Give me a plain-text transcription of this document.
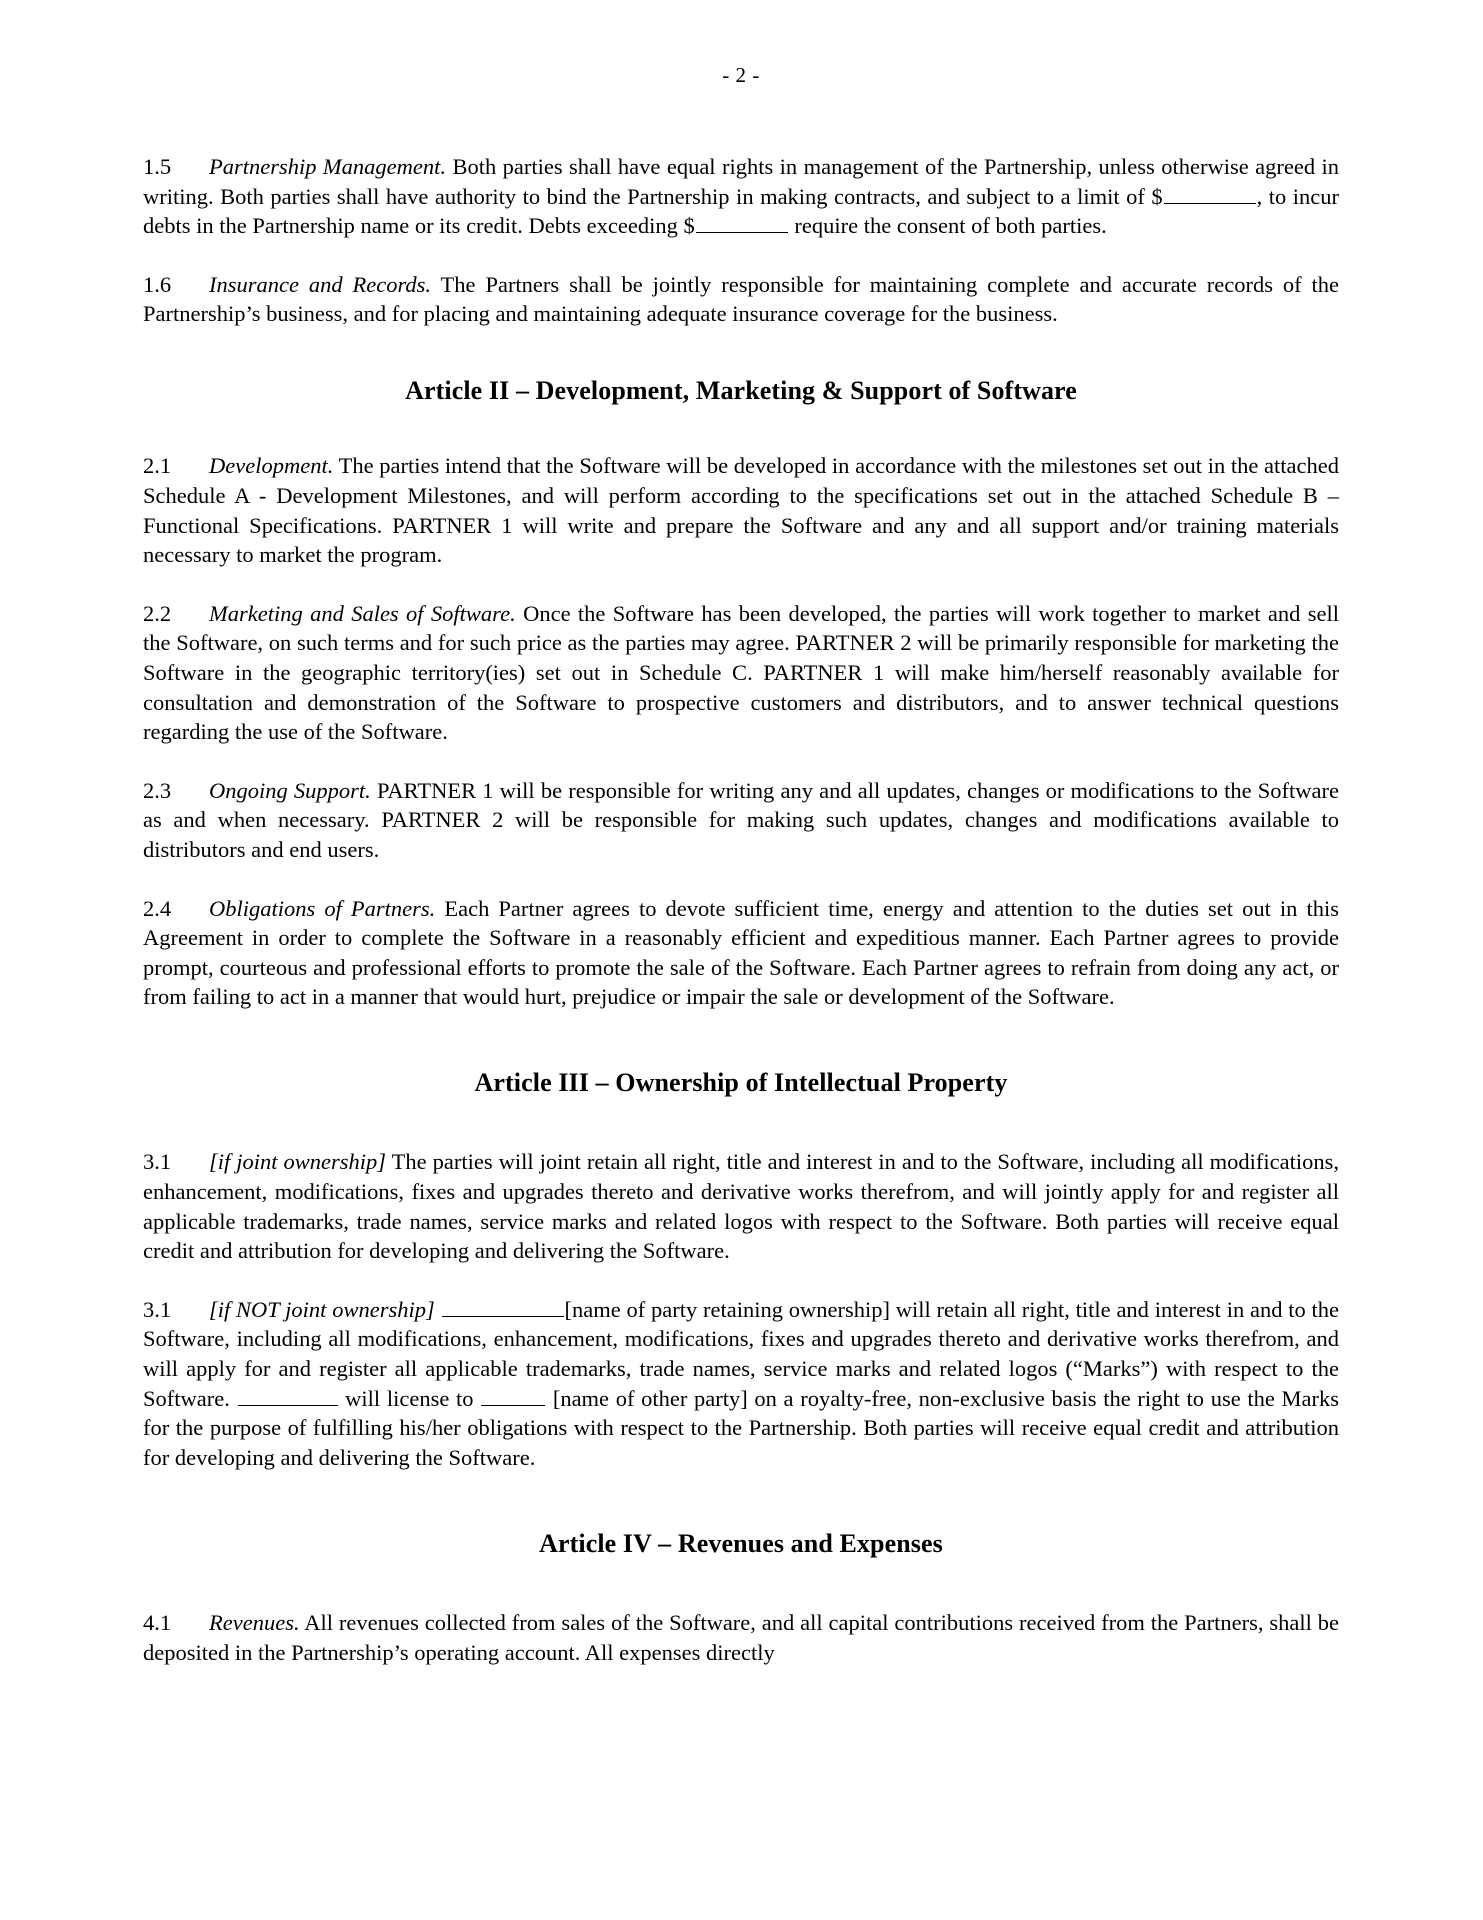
- 2 -

1.5 Partnership Management. Both parties shall have equal rights in management of the Partnership, unless otherwise agreed in writing. Both parties shall have authority to bind the Partnership in making contracts, and subject to a limit of $	, to incur debts in the Partnership name or its credit. Debts exceeding $	require the consent of both parties.

1.6 Insurance and Records. The Partners shall be jointly responsible for maintaining complete and accurate records of the Partnership’s business, and for placing and maintaining adequate insurance coverage for the business.

Article II – Development, Marketing & Support of Software

2.1 Development. The parties intend that the Software will be developed in accordance with the milestones set out in the attached Schedule A - Development Milestones, and will perform according to the specifications set out in the attached Schedule B – Functional Specifications. PARTNER 1 will write and prepare the Software and any and all support and/or training materials necessary to market the program.

2.2 Marketing and Sales of Software. Once the Software has been developed, the parties will work together to market and sell the Software, on such terms and for such price as the parties may agree. PARTNER 2 will be primarily responsible for marketing the Software in the geographic territory(ies) set out in Schedule C. PARTNER 1 will make him/herself reasonably available for consultation and demonstration of the Software to prospective customers and distributors, and to answer technical questions regarding the use of the Software.

2.3 Ongoing Support. PARTNER 1 will be responsible for writing any and all updates, changes or modifications to the Software as and when necessary. PARTNER 2 will be responsible for making such updates, changes and modifications available to distributors and end users.

2.4 Obligations of Partners. Each Partner agrees to devote sufficient time, energy and attention to the duties set out in this Agreement in order to complete the Software in a reasonably efficient and expeditious manner. Each Partner agrees to provide prompt, courteous and professional efforts to promote the sale of the Software. Each Partner agrees to refrain from doing any act, or from failing to act in a manner that would hurt, prejudice or impair the sale or development of the Software.

Article III – Ownership of Intellectual Property

3.1 [if joint ownership] The parties will joint retain all right, title and interest in and to the Software, including all modifications, enhancement, modifications, fixes and upgrades thereto and derivative works therefrom, and will jointly apply for and register all applicable trademarks, trade names, service marks and related logos with respect to the Software. Both parties will receive equal credit and attribution for developing and delivering the Software.

3.1 [if NOT joint ownership]	[name of party retaining ownership] will retain all right, title and interest in and to the Software, including all modifications, enhancement, modifications, fixes and upgrades thereto and derivative works therefrom, and will apply for and register all applicable trademarks, trade names, service marks and related logos (“Marks”) with respect to the Software.	will license to	[name of other party] on a royalty-free, non-exclusive basis the right to use the Marks for the purpose of fulfilling his/her obligations with respect to the Partnership. Both parties will receive equal credit and attribution for developing and delivering the Software.

Article IV – Revenues and Expenses

4.1 Revenues. All revenues collected from sales of the Software, and all capital contributions received from the Partners, shall be deposited in the Partnership’s operating account. All expenses directly
